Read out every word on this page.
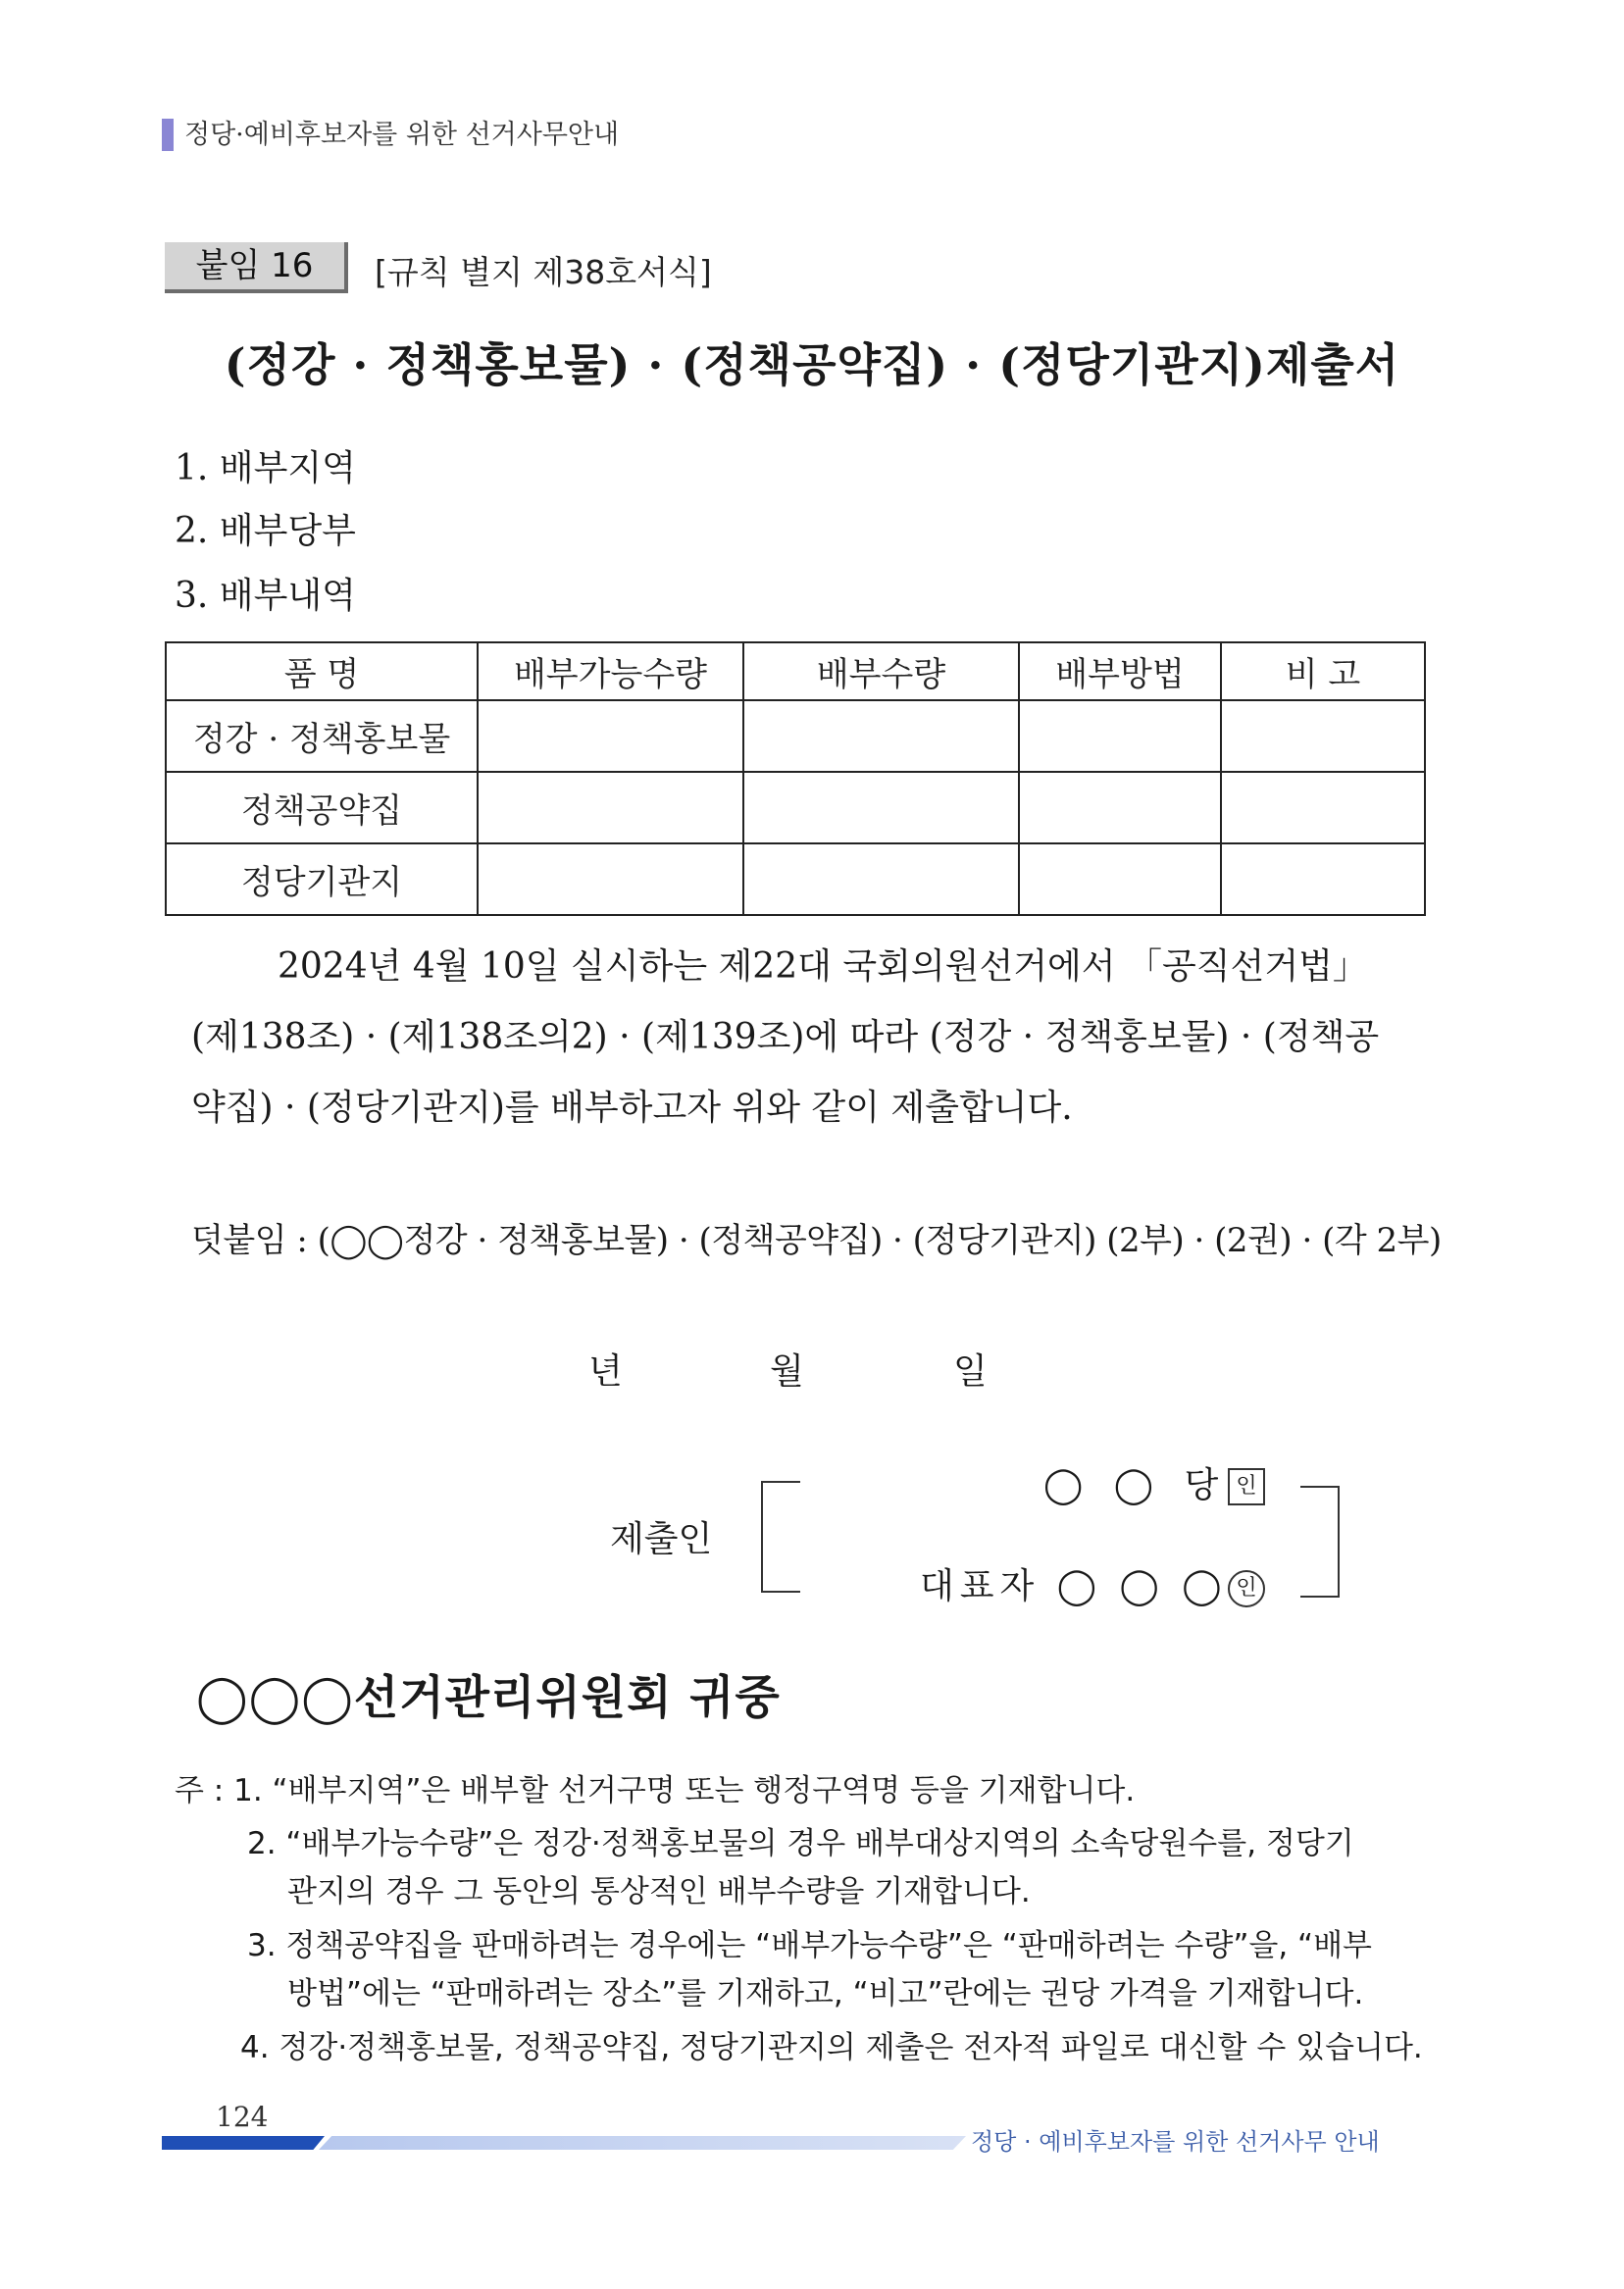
정당·예비후보자를 위한 선거사무안내
붙임 16	[규칙 별지 제38호서식]
(정강 · 정책홍보물) · (정책공약집) · (정당기관지)제출서
1. 배부지역
2. 배부당부
3. 배부내역
품 명	배부가능수량	배부수량	배부방법	비 고
정강 · 정책홍보물				
정책공약집				
정당기관지				
2024년 4월 10일 실시하는 제22대 국회의원선거에서 「공직선거법」
(제138조) · (제138조의2) · (제139조)에 따라 (정강 · 정책홍보물) · (정책공
약집) · (정당기관지)를 배부하고자 위와 같이 제출합니다.
덧붙임 : (◯◯정강 · 정책홍보물) · (정책공약집) · (정당기관지) (2부) · (2권) · (각 2부)
년	월	일
제출인
◯ ◯ 당 인
대표자 ◯ ◯ ◯ 인
◯◯◯선거관리위원회 귀중
주 : 1. “배부지역”은 배부할 선거구명 또는 행정구역명 등을 기재합니다.
2. “배부가능수량”은 정강·정책홍보물의 경우 배부대상지역의 소속당원수를, 정당기
관지의 경우 그 동안의 통상적인 배부수량을 기재합니다.
3. 정책공약집을 판매하려는 경우에는 “배부가능수량”은 “판매하려는 수량”을, “배부
방법”에는 “판매하려는 장소”를 기재하고, “비고”란에는 권당 가격을 기재합니다.
4. 정강·정책홍보물, 정책공약집, 정당기관지의 제출은 전자적 파일로 대신할 수 있습니다.
124
정당 · 예비후보자를 위한 선거사무 안내
